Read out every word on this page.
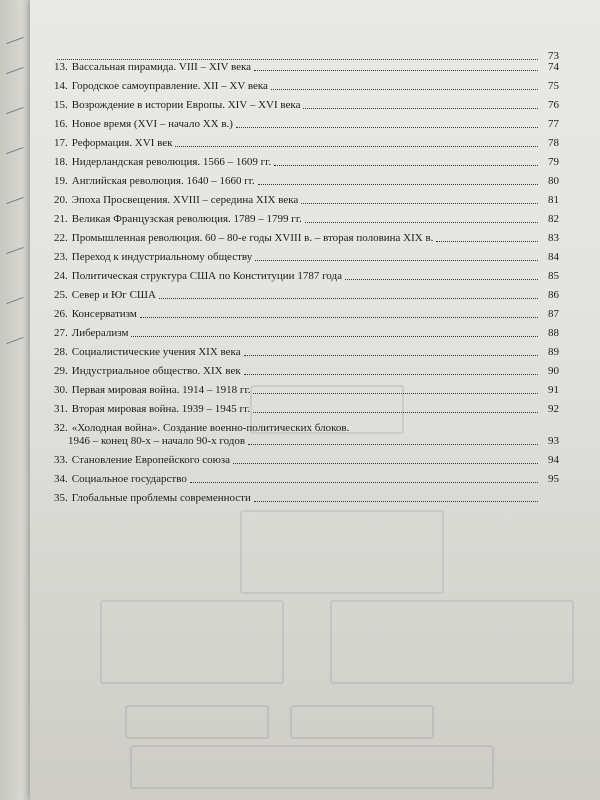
73
13. Вассальная пирамида. VIII – XIV века	74
14. Городское самоуправление. XII – XV века	75
15. Возрождение в истории Европы. XIV – XVI века	76
16. Новое время (XVI – начало XX в.)	77
17. Реформация. XVI век	78
18. Нидерландская революция. 1566 – 1609 гг.	79
19. Английская революция. 1640 – 1660 гг.	80
20. Эпоха Просвещения. XVIII – середина XIX века	81
21. Великая Французская революция. 1789 – 1799 гг.	82
22. Промышленная революция. 60 – 80-е годы XVIII в. – вторая половина XIX в.	83
23. Переход к индустриальному обществу	84
24. Политическая структура США по Конституции 1787 года	85
25. Север и Юг США	86
26. Консерватизм	87
27. Либерализм	88
28. Социалистические учения XIX века	89
29. Индустриальное общество. XIX век	90
30. Первая мировая война. 1914 – 1918 гг.	91
31. Вторая мировая война. 1939 – 1945 гг.	92
32. «Холодная война». Создание военно-политических блоков.
1946 – конец 80-х – начало 90-х годов	93
33. Становление Европейского союза	94
34. Социальное государство	95
35. Глобальные проблемы современности
